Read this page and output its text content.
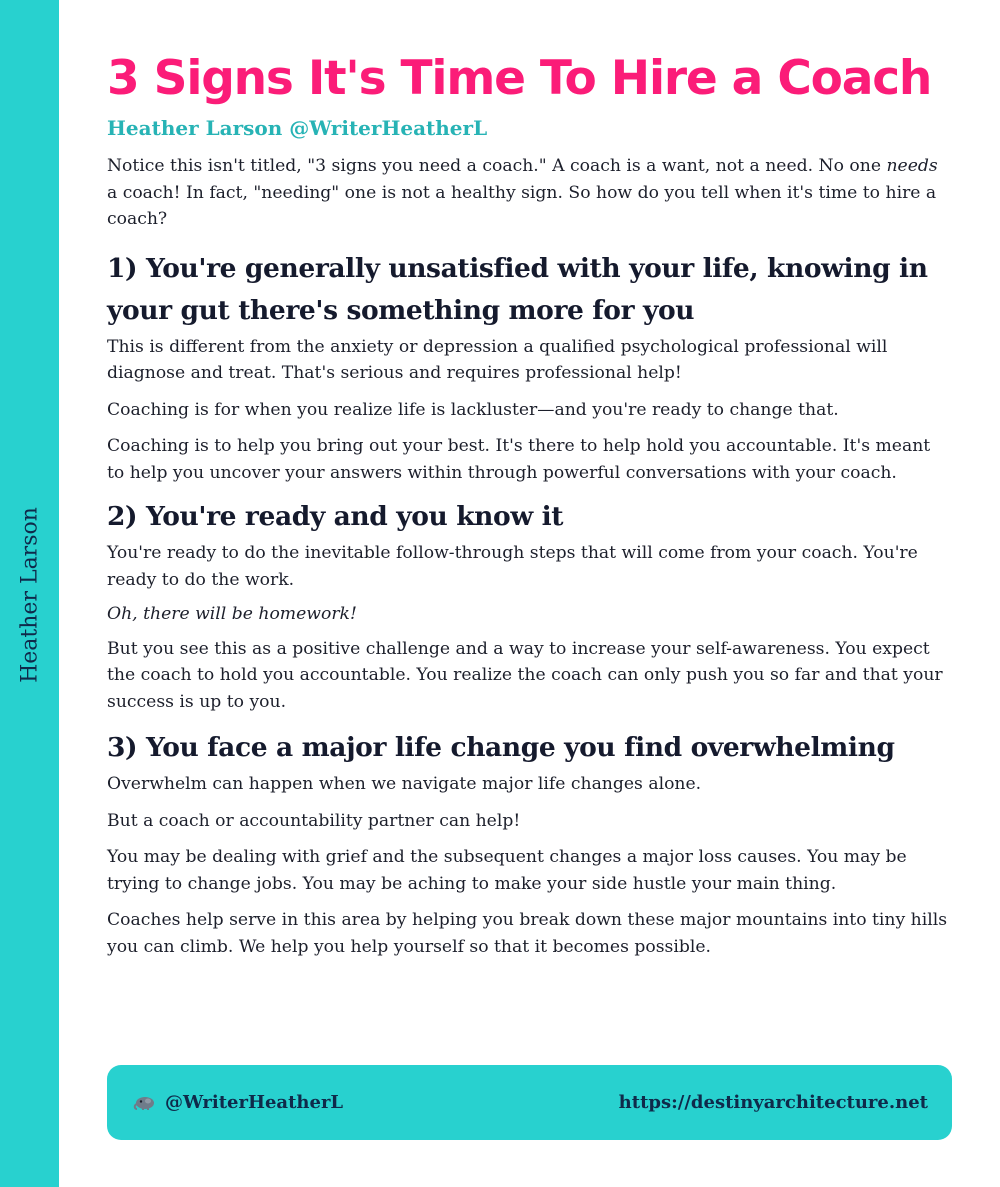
Heather Larson
3 Signs It's Time To Hire a Coach
Heather Larson @WriterHeatherL

Notice this isn't titled, "3 signs you need a coach." A coach is a want, not a need. No one needs a coach! In fact, "needing" one is not a healthy sign. So how do you tell when it's time to hire a coach?

1) You're generally unsatisfied with your life, knowing in your gut there's something more for you

This is different from the anxiety or depression a qualified psychological professional will diagnose and treat. That's serious and requires professional help!

Coaching is for when you realize life is lackluster—and you're ready to change that.

Coaching is to help you bring out your best. It's there to help hold you accountable. It's meant to help you uncover your answers within through powerful conversations with your coach.

2) You're ready and you know it

You're ready to do the inevitable follow-through steps that will come from your coach. You're ready to do the work.

Oh, there will be homework!

But you see this as a positive challenge and a way to increase your self-awareness. You expect the coach to hold you accountable. You realize the coach can only push you so far and that your success is up to you.

3) You face a major life change you find overwhelming

Overwhelm can happen when we navigate major life changes alone.

But a coach or accountability partner can help!

You may be dealing with grief and the subsequent changes a major loss causes. You may be trying to change jobs. You may be aching to make your side hustle your main thing.

Coaches help serve in this area by helping you break down these major mountains into tiny hills you can climb. We help you help yourself so that it becomes possible.

@WriterHeatherL	https://destinyarchitecture.net
